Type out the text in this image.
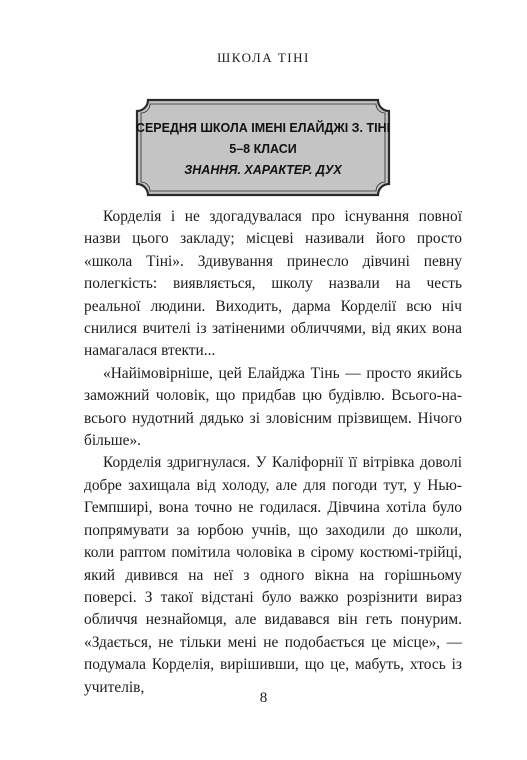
ШКОЛА ТІНІ
СЕРЕДНЯ ШКОЛА ІМЕНІ ЕЛАЙДЖІ З. ТІНІ
5–8 КЛАСИ
ЗНАННЯ. ХАРАКТЕР. ДУХ

Корделія і не здогадувалася про існування повної назви цього закладу; місцеві називали його просто «школа Тіні». Здивування принесло дівчині певну полегкість: виявляється, школу назвали на честь реальної людини. Виходить, дарма Корделії всю ніч снилися вчителі із затіненими обличчями, від яких вона намагалася втекти...

«Найімовірніше, цей Елайджа Тінь — просто якийсь заможний чоловік, що придбав цю будівлю. Всього-на-всього нудотний дядько зі зловісним прізвищем. Нічого більше».

Корделія здригнулася. У Каліфорнії її вітрівка доволі добре захищала від холоду, але для погоди тут, у Нью-Гемпширі, вона точно не годилася. Дівчина хотіла було попрямувати за юрбою учнів, що заходили до школи, коли раптом помітила чоловіка в сірому костюмі-трійці, який дивився на неї з одного вікна на горішньому поверсі. З такої відстані було важко розрізнити вираз обличчя незнайомця, але видавався він геть понурим. «Здається, не тільки мені не подобається це місце», — подумала Корделія, вирішивши, що це, мабуть, хтось із учителів,

8
